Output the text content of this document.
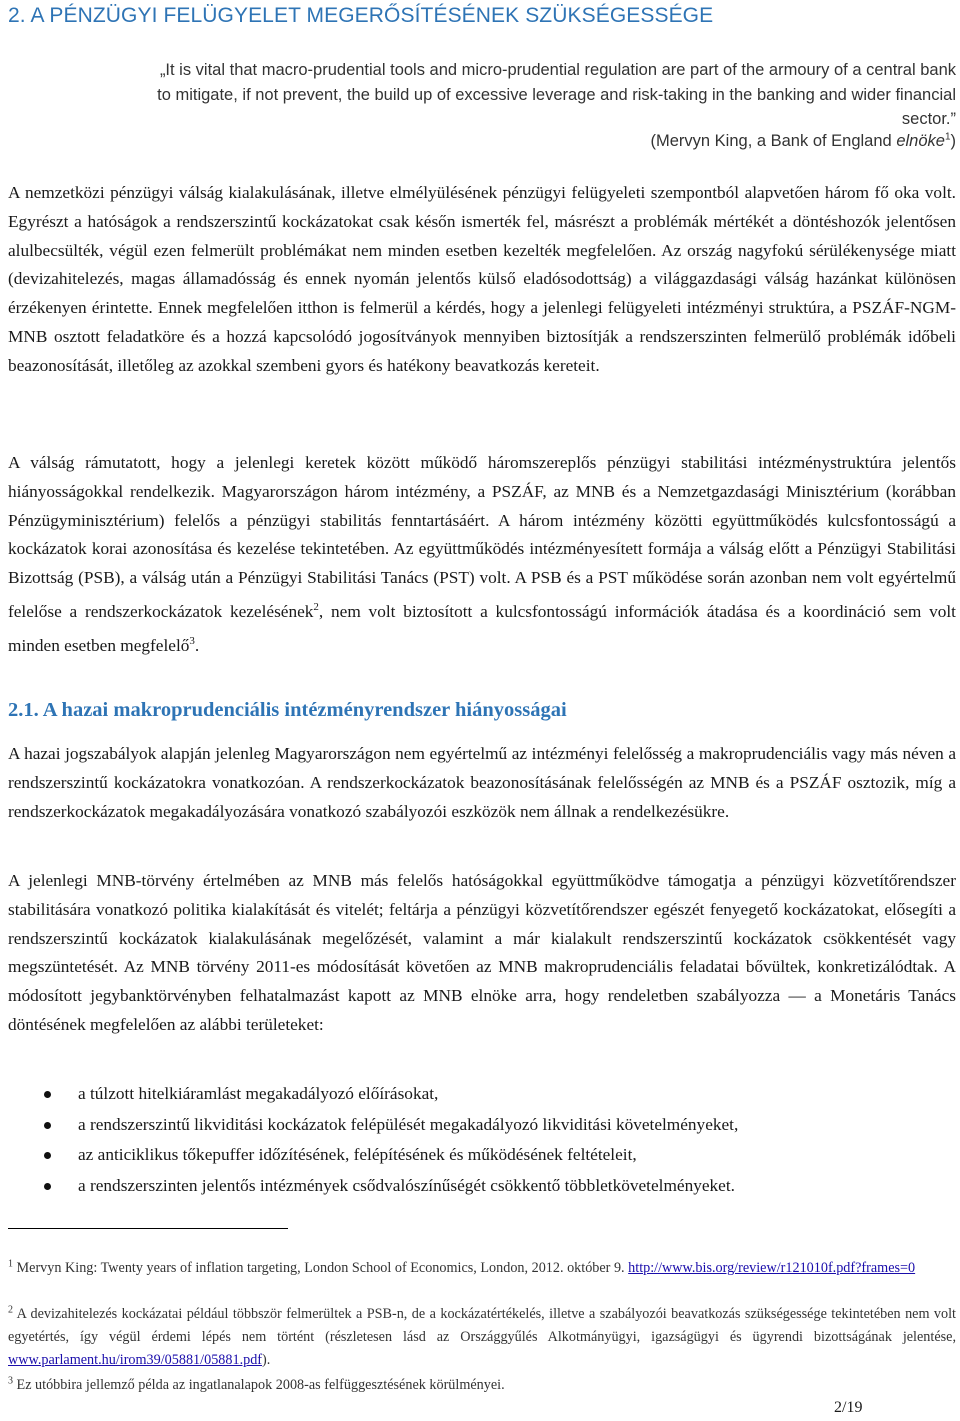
2. A PÉNZÜGYI FELÜGYELET MEGERŐSÍTÉSÉNEK SZÜKSÉGESSÉGE

„It is vital that macro-prudential tools and micro-prudential regulation are part of the armoury of a central bank to mitigate, if not prevent, the build up of excessive leverage and risk-taking in the banking and wider financial sector.”

(Mervyn King, a Bank of England elnöke$^1$)

A nemzetközi pénzügyi válság kialakulásának, illetve elmélyülésének pénzügyi felügyeleti szempontból alapvetően három fő oka volt. Egyrészt a hatóságok a rendszerszintű kockázatokat csak későn ismerték fel, másrészt a problémák mértékét a döntéshozók jelentősen alulbecsülték, végül ezen felmerült problémákat nem minden esetben kezelték megfelelően. Az ország nagyfokú sérülékenysége miatt (devizahitelezés, magas államadósság és ennek nyomán jelentős külső eladósodottság) a világgazdasági válság hazánkat különösen érzékenyen érintette. Ennek megfelelően itthon is felmerül a kérdés, hogy a jelenlegi felügyeleti intézményi struktúra, a PSZÁF-NGM-MNB osztott feladatköre és a hozzá kapcsolódó jogosítványok mennyiben biztosítják a rendszerszinten felmerülő problémák időbeli beazonosítását, illetőleg az azokkal szembeni gyors és hatékony beavatkozás kereteit.

A válság rámutatott, hogy a jelenlegi keretek között működő háromszereplős pénzügyi stabilitási intézménystruktúra jelentős hiányosságokkal rendelkezik. Magyarországon három intézmény, a PSZÁF, az MNB és a Nemzetgazdasági Minisztérium (korábban Pénzügyminisztérium) felelős a pénzügyi stabilitás fenntartásáért. A három intézmény közötti együttműködés kulcsfontosságú a kockázatok korai azonosítása és kezelése tekintetében. Az együttműködés intézményesített formája a válság előtt a Pénzügyi Stabilitási Bizottság (PSB), a válság után a Pénzügyi Stabilitási Tanács (PST) volt. A PSB és a PST működése során azonban nem volt egyértelmű felelőse a rendszerkockázatok kezelésének$^2$, nem volt biztosított a kulcsfontosságú információk átadása és a koordináció sem volt minden esetben megfelelő$^3$.

2.1. A hazai makroprudenciális intézményrendszer hiányosságai

A hazai jogszabályok alapján jelenleg Magyarországon nem egyértelmű az intézményi felelősség a makroprudenciális vagy más néven a rendszerszintű kockázatokra vonatkozóan. A rendszerkockázatok beazonosításának felelősségén az MNB és a PSZÁF osztozik, míg a rendszerkockázatok megakadályozására vonatkozó szabályozói eszközök nem állnak a rendelkezésükre.

A jelenlegi MNB-törvény értelmében az MNB más felelős hatóságokkal együttműködve támogatja a pénzügyi közvetítőrendszer stabilitására vonatkozó politika kialakítását és vitelét; feltárja a pénzügyi közvetítőrendszer egészét fenyegető kockázatokat, elősegíti a rendszerszintű kockázatok kialakulásának megelőzését, valamint a már kialakult rendszerszintű kockázatok csökkentését vagy megszüntetését. Az MNB törvény 2011-es módosítását követően az MNB makroprudenciális feladatai bővültek, konkretizálódtak. A módosított jegybanktörvényben felhatalmazást kapott az MNB elnöke arra, hogy rendeletben szabályozza — a Monetáris Tanács döntésének megfelelően az alábbi területeket:

a túlzott hitelkiáramlást megakadályozó előírásokat,
a rendszerszintű likviditási kockázatok felépülését megakadályozó likviditási követelményeket,
az anticiklikus tőkepuffer időzítésének, felépítésének és működésének feltételeit,
a rendszerszinten jelentős intézmények csődvalószínűségét csökkentő többletkövetelményeket.

$^1$ Mervyn King: Twenty years of inflation targeting, London School of Economics, London, 2012. október 9. http://www.bis.org/review/r121010f.pdf?frames=0

$^2$ A devizahitelezés kockázatai például többször felmerültek a PSB-n, de a kockázatértékelés, illetve a szabályozói beavatkozás szükségessége tekintetében nem volt egyetértés, így végül érdemi lépés nem történt (részletesen lásd az Országgyűlés Alkotmányügyi, igazságügyi és ügyrendi bizottságának jelentése, www.parlament.hu/irom39/05881/05881.pdf).

$^3$ Ez utóbbira jellemző példa az ingatlanalapok 2008-as felfüggesztésének körülményei.

2/19
